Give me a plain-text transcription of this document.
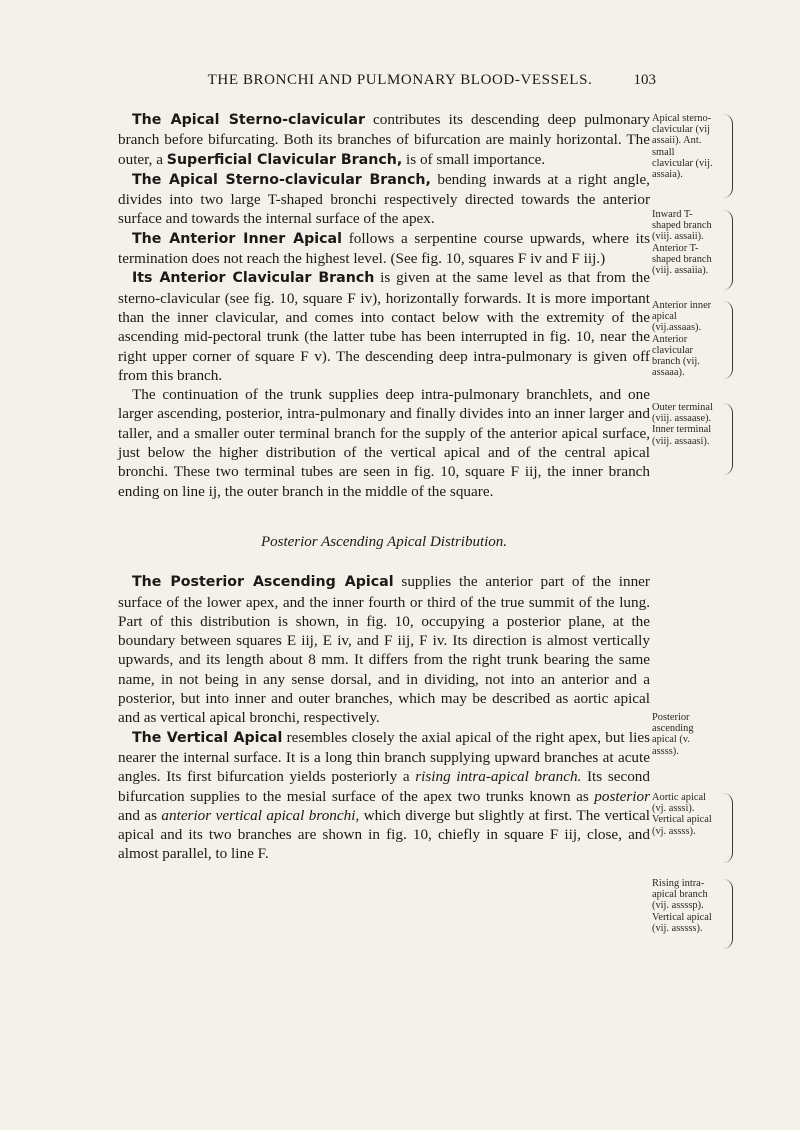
THE BRONCHI AND PULMONARY BLOOD-VESSELS.	103

The Apical Sterno-clavicular contributes its descending deep pulmonary branch before bifurcating. Both its branches of bifurcation are mainly horizontal. The outer, a Superficial Clavicular Branch, is of small importance.

The Apical Sterno-clavicular Branch, bending inwards at a right angle, divides into two large T-shaped bronchi respectively directed towards the anterior surface and towards the internal surface of the apex.

The Anterior Inner Apical follows a serpentine course upwards, where its termination does not reach the highest level. (See fig. 10, squares F iv and F iij.)

Its Anterior Clavicular Branch is given at the same level as that from the sterno-clavicular (see fig. 10, square F iv), horizontally forwards. It is more important than the inner clavicular, and comes into contact below with the extremity of the ascending mid-pectoral trunk (the latter tube has been interrupted in fig. 10, near the right upper corner of square F v). The descending deep intra-pulmonary is given off from this branch.

The continuation of the trunk supplies deep intra-pulmonary branchlets, and one larger ascending, posterior, intra-pulmonary and finally divides into an inner larger and taller, and a smaller outer terminal branch for the supply of the anterior apical surface, just below the higher distribution of the vertical apical and of the central apical bronchi. These two terminal tubes are seen in fig. 10, square F iij, the inner branch ending on line ij, the outer branch in the middle of the square.

Posterior Ascending Apical Distribution.

The Posterior Ascending Apical supplies the anterior part of the inner surface of the lower apex, and the inner fourth or third of the true summit of the lung. Part of this distribution is shown, in fig. 10, occupying a posterior plane, at the boundary between squares E iij, E iv, and F iij, F iv. Its direction is almost vertically upwards, and its length about 8 mm. It differs from the right trunk bearing the same name, in not being in any sense dorsal, and in dividing, not into an anterior and a posterior, but into inner and outer branches, which may be described as aortic apical and as vertical apical bronchi, respectively.

The Vertical Apical resembles closely the axial apical of the right apex, but lies nearer the internal surface. It is a long thin branch supplying upward branches at acute angles. Its first bifurcation yields posteriorly a rising intra-apical branch. Its second bifurcation supplies to the mesial surface of the apex two trunks known as posterior and as anterior vertical apical bronchi, which diverge but slightly at first. The vertical apical and its two branches are shown in fig. 10, chiefly in square F iij, close, and almost parallel, to line F.

Apical sterno-clavicular (vij assaii). Ant. small clavicular (vij. assaia).
Inward T-shaped branch (viij. assaii). Anterior T-shaped branch (viij. assaiia).
Anterior inner apical (vij.assaas). Anterior clavicular branch (vij. assaaa).
Outer terminal (viij. assaase). Inner terminal (viij. assaasi).
Posterior ascending apical (v. assss).
Aortic apical (vj. asssi). Vertical apical (vj. assss).
Rising intra-apical branch (vij. assssp). Vertical apical (vij. asssss).
